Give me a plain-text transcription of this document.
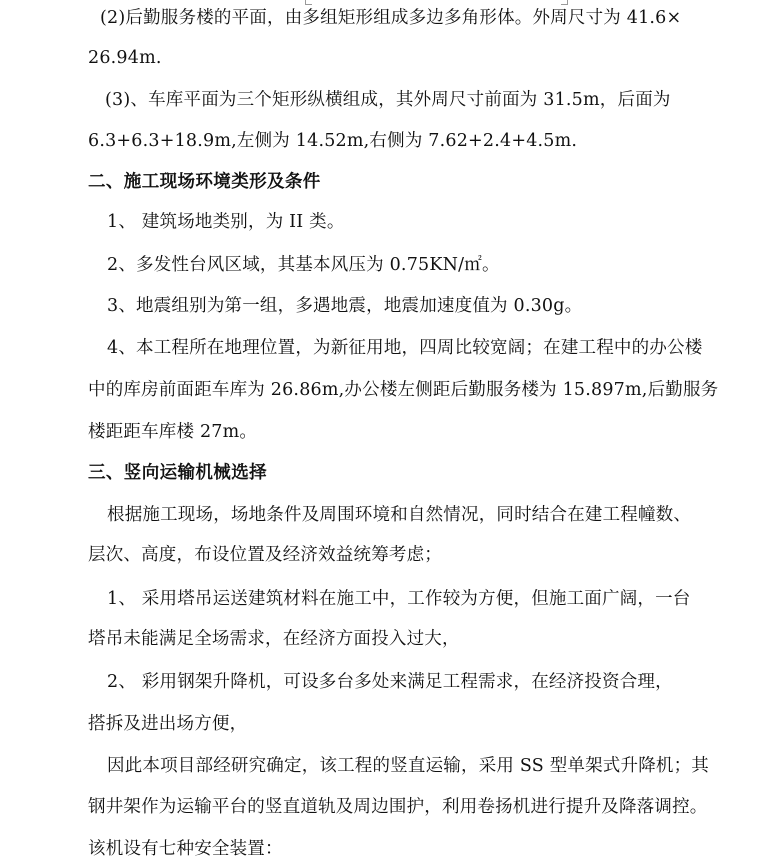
(2)后勤服务楼的平面，由多组矩形组成多边多角形体。外周尺寸为 41.6×
26.94m.
(3)、车库平面为三个矩形纵横组成，其外周尺寸前面为 31.5m，后面为
6.3+6.3+18.9m,左侧为 14.52m,右侧为 7.62+2.4+4.5m.
二、施工现场环境类形及条件
1、 建筑场地类别，为 II 类。
2、多发性台风区域，其基本风压为 0.75KN/㎡。
3、地震组别为第一组，多遇地震，地震加速度值为 0.30g。
4、本工程所在地理位置，为新征用地，四周比较宽阔；在建工程中的办公楼
中的库房前面距车库为 26.86m,办公楼左侧距后勤服务楼为 15.897m,后勤服务
楼距距车库楼 27m。
三、竖向运输机械选择
根据施工现场，场地条件及周围环境和自然情况，同时结合在建工程幢数、
层次、高度，布设位置及经济效益统筹考虑；
1、 采用塔吊运送建筑材料在施工中，工作较为方便，但施工面广阔，一台
塔吊未能满足全场需求，在经济方面投入过大，
2、 彩用钢架升降机，可设多台多处来满足工程需求，在经济投资合理，
搭拆及进出场方便，
因此本项目部经研究确定，该工程的竖直运输，采用 SS 型单架式升降机；其
钢井架作为运输平台的竖直道轨及周边围护，利用卷扬机进行提升及降落调控。
该机设有七种安全装置：
